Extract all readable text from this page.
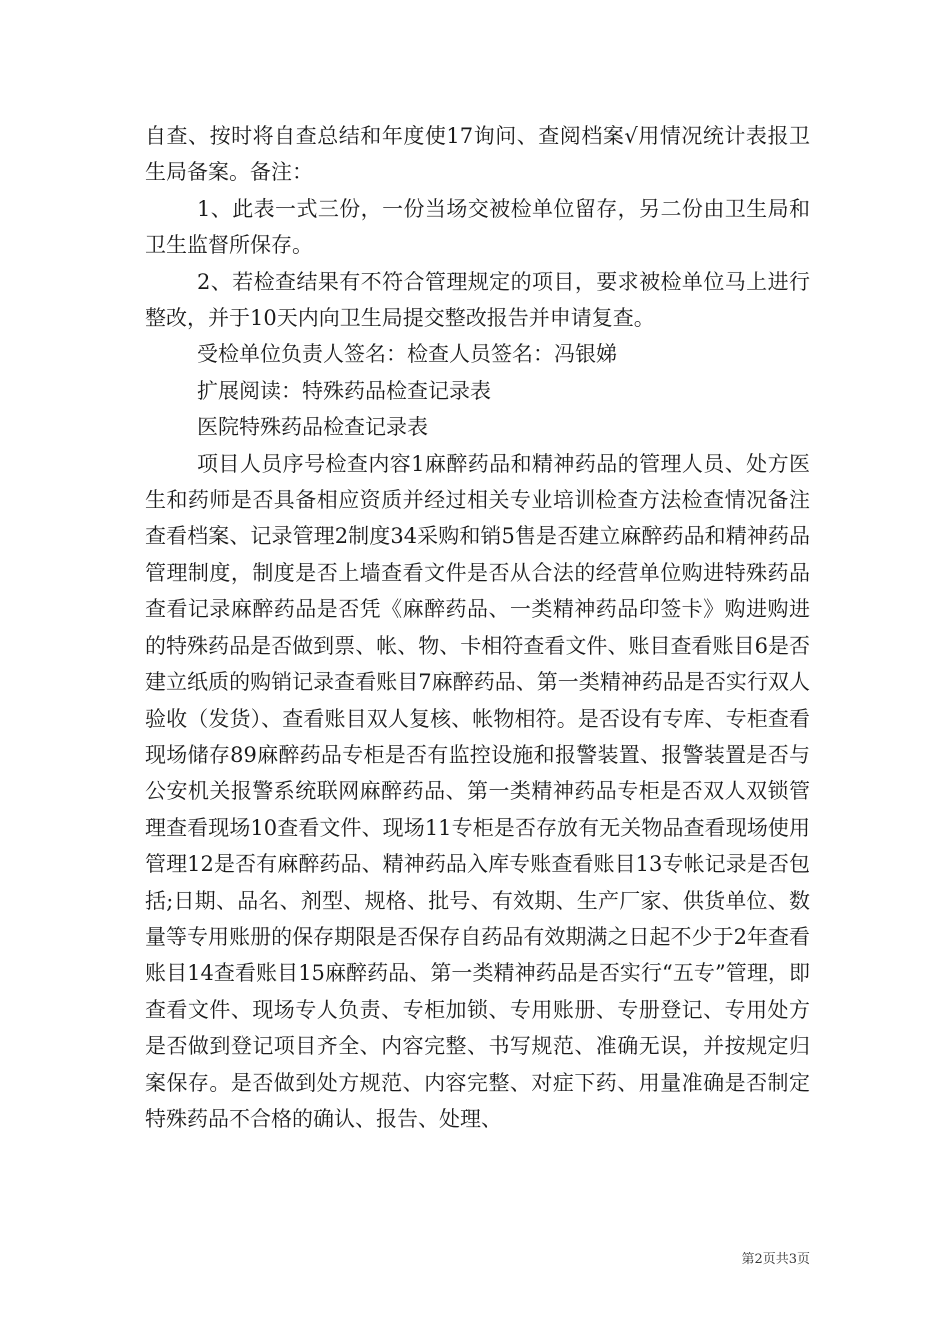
自查、按时将自查总结和年度使17询问、查阅档案√用情况统计表报卫生局备案。备注：

1、此表一式三份，一份当场交被检单位留存，另二份由卫生局和卫生监督所保存。

2、若检查结果有不符合管理规定的项目，要求被检单位马上进行整改，并于10天内向卫生局提交整改报告并申请复查。

受检单位负责人签名：检查人员签名：冯银娣

扩展阅读：特殊药品检查记录表

医院特殊药品检查记录表

项目人员序号检查内容1麻醉药品和精神药品的管理人员、处方医生和药师是否具备相应资质并经过相关专业培训检查方法检查情况备注查看档案、记录管理2制度34采购和销5售是否建立麻醉药品和精神药品管理制度，制度是否上墙查看文件是否从合法的经营单位购进特殊药品查看记录麻醉药品是否凭《麻醉药品、一类精神药品印签卡》购进购进的特殊药品是否做到票、帐、物、卡相符查看文件、账目查看账目6是否建立纸质的购销记录查看账目7麻醉药品、第一类精神药品是否实行双人验收（发货）、查看账目双人复核、帐物相符。是否设有专库、专柜查看现场储存89麻醉药品专柜是否有监控设施和报警装置、报警装置是否与公安机关报警系统联网麻醉药品、第一类精神药品专柜是否双人双锁管理查看现场10查看文件、现场11专柜是否存放有无关物品查看现场使用管理12是否有麻醉药品、精神药品入库专账查看账目13专帐记录是否包括;日期、品名、剂型、规格、批号、有效期、生产厂家、供货单位、数量等专用账册的保存期限是否保存自药品有效期满之日起不少于2年查看账目14查看账目15麻醉药品、第一类精神药品是否实行“五专”管理，即查看文件、现场专人负责、专柜加锁、专用账册、专册登记、专用处方是否做到登记项目齐全、内容完整、书写规范、准确无误，并按规定归案保存。是否做到处方规范、内容完整、对症下药、用量准确是否制定特殊药品不合格的确认、报告、处理、

第2页共3页
